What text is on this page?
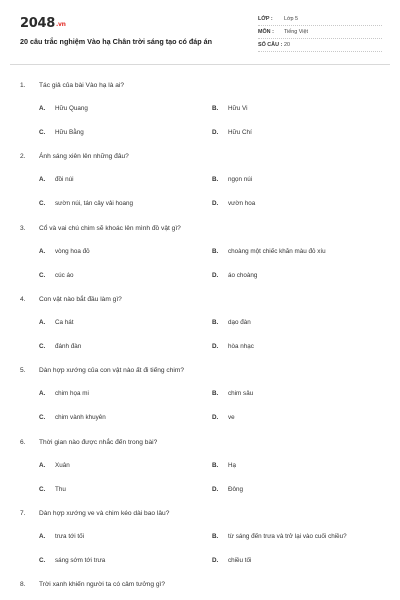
2048.vn
20 câu trắc nghiệm Vào hạ Chân trời sáng tạo có đáp án
LỚP : Lớp 5
MÔN : Tiếng Việt
SỐ CÂU : 20
1. Tác giả của bài Vào hạ là ai?
A. Hữu Quang	B. Hữu Vi
C. Hữu Bằng	D. Hữu Chí
2. Ánh sáng xiên lên những đâu?
A. đồi núi	B. ngọn núi
C. sườn núi, tán cây vải hoang	D. vườn hoa
3. Cổ và vai chú chim sẽ khoác lên mình đồ vật gì?
A. vòng hoa đỏ	B. choàng một chiếc khăn màu đỏ xíu
C. cúc áo	D. áo choàng
4. Con vật nào bắt đầu làm gì?
A. Ca hát	B. dạo đàn
C. đánh đàn	D. hòa nhạc
5. Dàn hợp xướng của con vật nào ất đi tiếng chim?
A. chim họa mi	B. chim sâu
C. chim vành khuyên	D. ve
6. Thời gian nào được nhắc đến trong bài?
A. Xuân	B. Hạ
C. Thu	D. Đông
7. Dàn hợp xướng ve và chim kéo dài bao lâu?
A. trưa tới tối	B. từ sáng đến trưa và trở lại vào cuối chiều?
C. sáng sớm tới trưa	D. chiều tối
8. Trời xanh khiến người ta có cảm tưởng gì?
